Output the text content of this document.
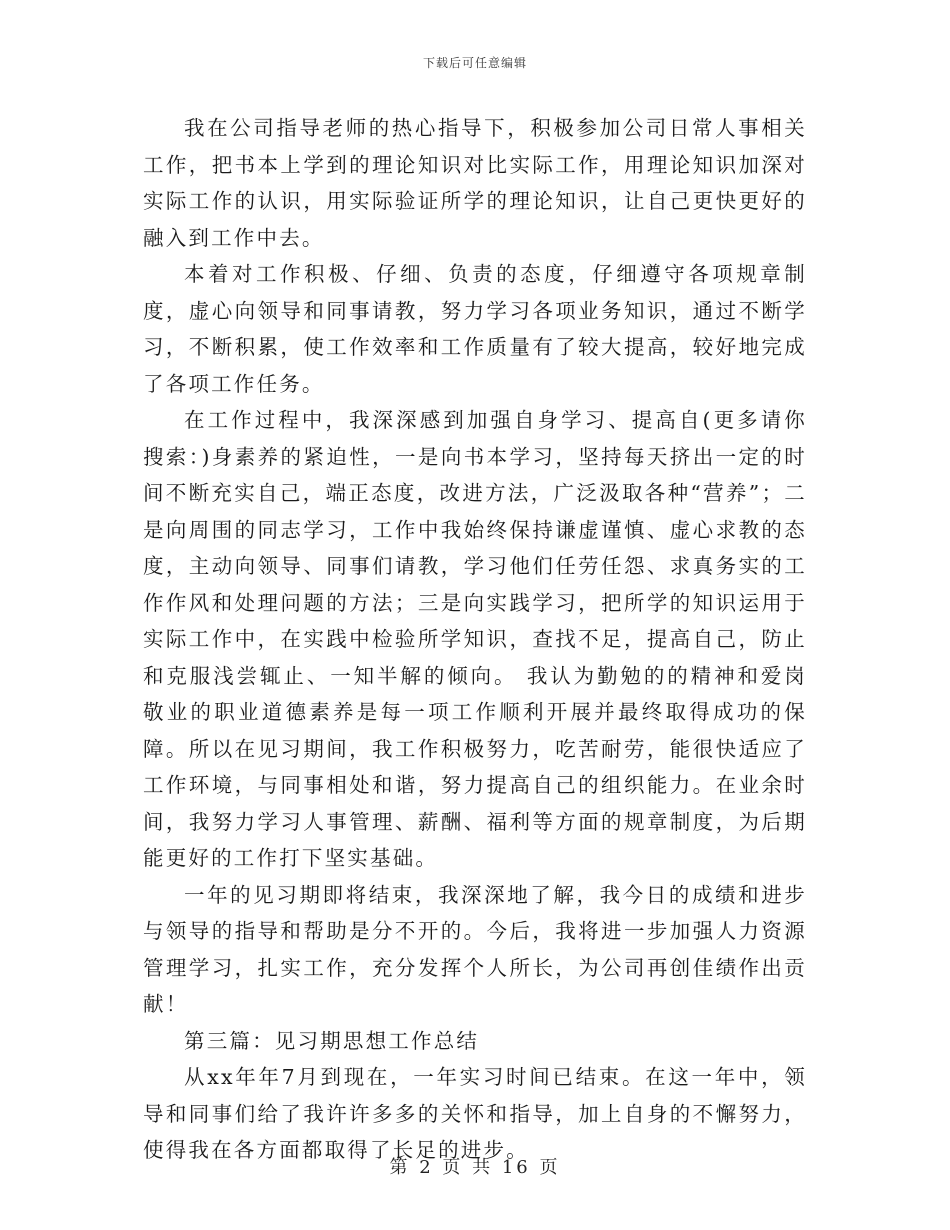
下载后可任意编辑

我在公司指导老师的热心指导下，积极参加公司日常人事相关工作，把书本上学到的理论知识对比实际工作，用理论知识加深对实际工作的认识，用实际验证所学的理论知识，让自己更快更好的融入到工作中去。

本着对工作积极、仔细、负责的态度，仔细遵守各项规章制度，虚心向领导和同事请教，努力学习各项业务知识，通过不断学习，不断积累，使工作效率和工作质量有了较大提高，较好地完成了各项工作任务。

在工作过程中，我深深感到加强自身学习、提高自(更多请你搜索：)身素养的紧迫性，一是向书本学习，坚持每天挤出一定的时间不断充实自己，端正态度，改进方法，广泛汲取各种“营养”；二是向周围的同志学习，工作中我始终保持谦虚谨慎、虚心求教的态度，主动向领导、同事们请教，学习他们任劳任怨、求真务实的工作作风和处理问题的方法；三是向实践学习，把所学的知识运用于实际工作中，在实践中检验所学知识，查找不足，提高自己，防止和克服浅尝辄止、一知半解的倾向。 我认为勤勉的的精神和爱岗敬业的职业道德素养是每一项工作顺利开展并最终取得成功的保障。所以在见习期间，我工作积极努力，吃苦耐劳，能很快适应了工作环境，与同事相处和谐，努力提高自己的组织能力。在业余时间，我努力学习人事管理、薪酬、福利等方面的规章制度，为后期能更好的工作打下坚实基础。

一年的见习期即将结束，我深深地了解，我今日的成绩和进步与领导的指导和帮助是分不开的。今后，我将进一步加强人力资源管理学习，扎实工作，充分发挥个人所长，为公司再创佳绩作出贡献！

第三篇：见习期思想工作总结

从xx年年7月到现在，一年实习时间已结束。在这一年中，领导和同事们给了我许许多多的关怀和指导，加上自身的不懈努力，使得我在各方面都取得了长足的进步。

第 2 页 共 16 页
